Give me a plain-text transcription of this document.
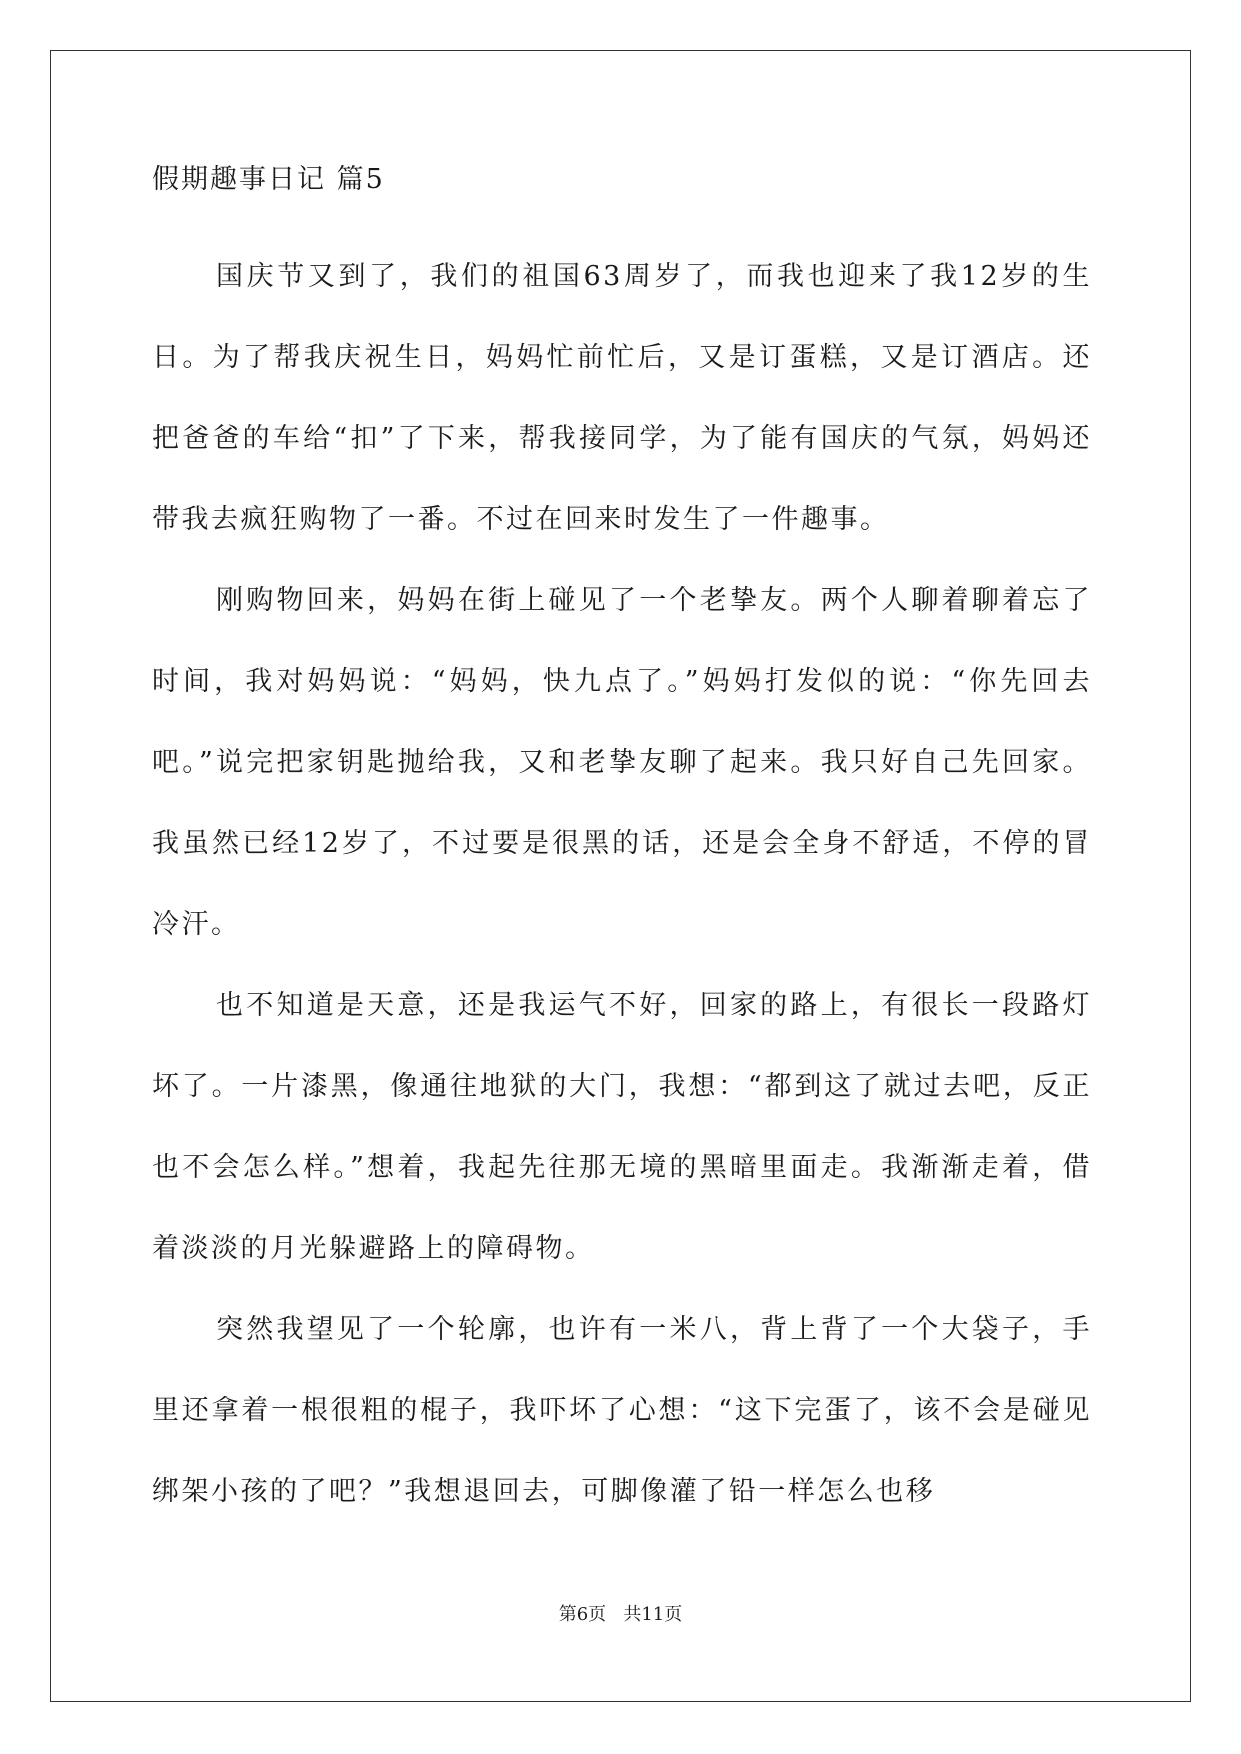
假期趣事日记 篇5

国庆节又到了，我们的祖国63周岁了，而我也迎来了我12岁的生日。为了帮我庆祝生日，妈妈忙前忙后，又是订蛋糕，又是订酒店。还把爸爸的车给“扣”了下来，帮我接同学，为了能有国庆的气氛，妈妈还带我去疯狂购物了一番。不过在回来时发生了一件趣事。

刚购物回来，妈妈在街上碰见了一个老挚友。两个人聊着聊着忘了时间，我对妈妈说：“妈妈，快九点了。”妈妈打发似的说：“你先回去吧。”说完把家钥匙抛给我，又和老挚友聊了起来。我只好自己先回家。我虽然已经12岁了，不过要是很黑的话，还是会全身不舒适，不停的冒冷汗。

也不知道是天意，还是我运气不好，回家的路上，有很长一段路灯坏了。一片漆黑，像通往地狱的大门，我想：“都到这了就过去吧，反正也不会怎么样。”想着，我起先往那无境的黑暗里面走。我渐渐走着，借着淡淡的月光躲避路上的障碍物。

突然我望见了一个轮廓，也许有一米八，背上背了一个大袋子，手里还拿着一根很粗的棍子，我吓坏了心想：“这下完蛋了，该不会是碰见绑架小孩的了吧？”我想退回去，可脚像灌了铅一样怎么也移

第6页 共11页
